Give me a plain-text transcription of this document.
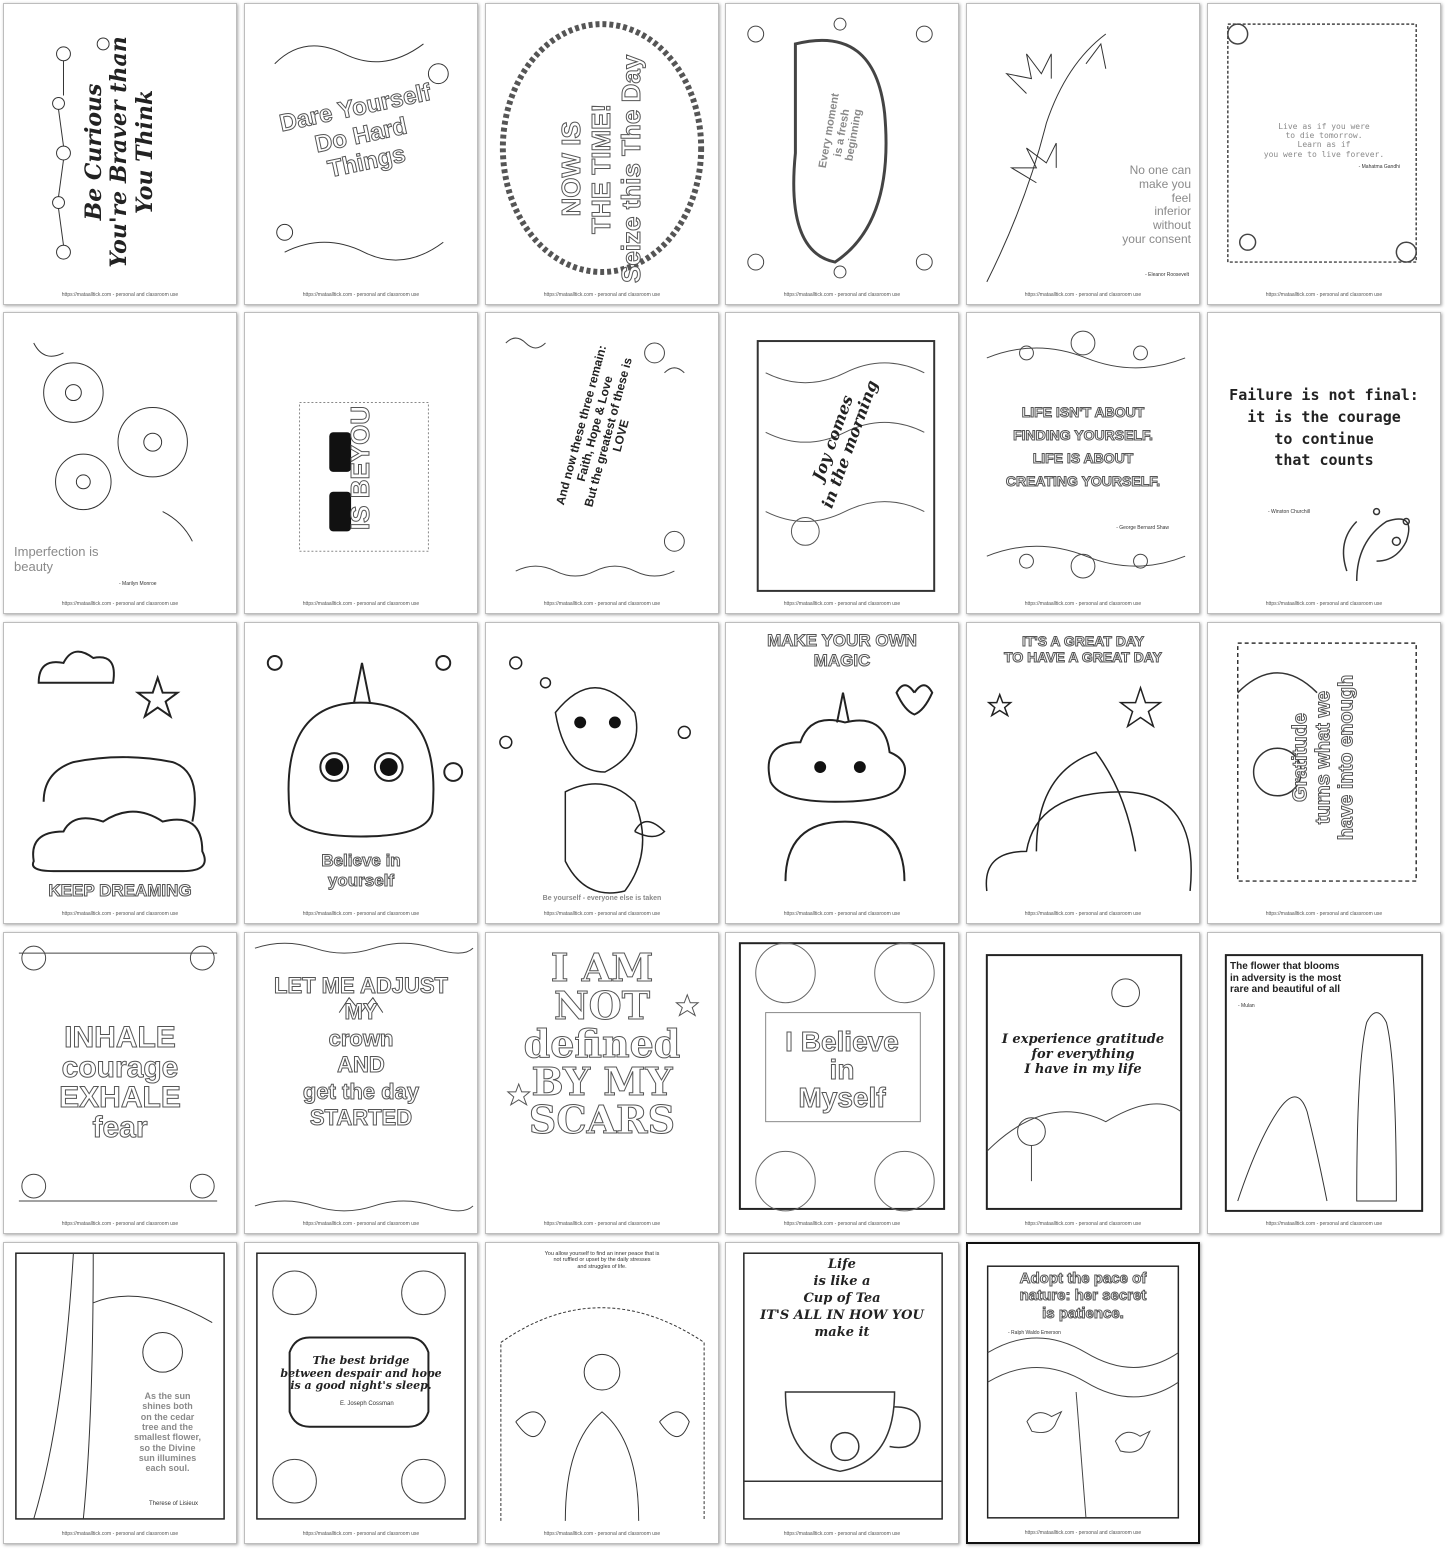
Be Curious
You're Braver than
You Think
https://mataalltick.com - personal and classroom use
Dare Yourself
Do Hard
Things
https://mataalltick.com - personal and classroom use
NOW IS
THE TIME!
Seize this The Day
https://mataalltick.com - personal and classroom use
Every moment
is a fresh
beginning
https://mataalltick.com - personal and classroom use
No one can
make you
feel
inferior
without
your consent
- Eleanor Roosevelt
https://mataalltick.com - personal and classroom use
Live as if you were
to die tomorrow.
Learn as if
you were to live forever.
- Mahatma Gandhi
https://mataalltick.com - personal and classroom use
Imperfection is
beauty
- Marilyn Monroe
https://mataalltick.com - personal and classroom use
IS BEYOU
https://mataalltick.com - personal and classroom use
And now these three remain:
Faith, Hope & Love
But the greatest of these is
LOVE
https://mataalltick.com - personal and classroom use
Joy comes
in the morning
https://mataalltick.com - personal and classroom use
LIFE ISN'T ABOUT
FINDING YOURSELF.
LIFE IS ABOUT
CREATING YOURSELF.
- George Bernard Shaw
https://mataalltick.com - personal and classroom use
Failure is not final:
it is the courage
to continue
that counts
- Winston Churchill
https://mataalltick.com - personal and classroom use
KEEP DREAMING
https://mataalltick.com - personal and classroom use
Believe in
yourself
https://mataalltick.com - personal and classroom use
Be yourself - everyone else is taken
https://mataalltick.com - personal and classroom use
MAKE YOUR OWN
MAGIC
https://mataalltick.com - personal and classroom use
IT'S A GREAT DAY
TO HAVE A GREAT DAY
https://mataalltick.com - personal and classroom use
Gratitude
turns what we
have into enough
https://mataalltick.com - personal and classroom use
INHALE
courage
EXHALE
fear
https://mataalltick.com - personal and classroom use
LET ME ADJUST MY
crown
AND
get the day
STARTED
https://mataalltick.com - personal and classroom use
I AM
NOT
defined
BY MY
SCARS
https://mataalltick.com - personal and classroom use
I Believe
in
Myself
https://mataalltick.com - personal and classroom use
I experience gratitude
for everything
I have in my life
https://mataalltick.com - personal and classroom use
The flower that blooms
in adversity is the most
rare and beautiful of all
- Mulan
https://mataalltick.com - personal and classroom use
As the sun
shines both
on the cedar
tree and the
smallest flower,
so the Divine
sun illumines
each soul.
Therese of Lisieux
https://mataalltick.com - personal and classroom use
The best bridge
between despair and hope
is a good night's sleep.
E. Joseph Cossman
https://mataalltick.com - personal and classroom use
You allow yourself to find an inner peace that is
not ruffled or upset by the daily stresses
and struggles of life.
https://mataalltick.com - personal and classroom use
Life
is like a
Cup of Tea
IT'S ALL IN HOW YOU
make it
https://mataalltick.com - personal and classroom use
Adopt the pace of
nature: her secret
is patience.
- Ralph Waldo Emerson
https://mataalltick.com - personal and classroom use
